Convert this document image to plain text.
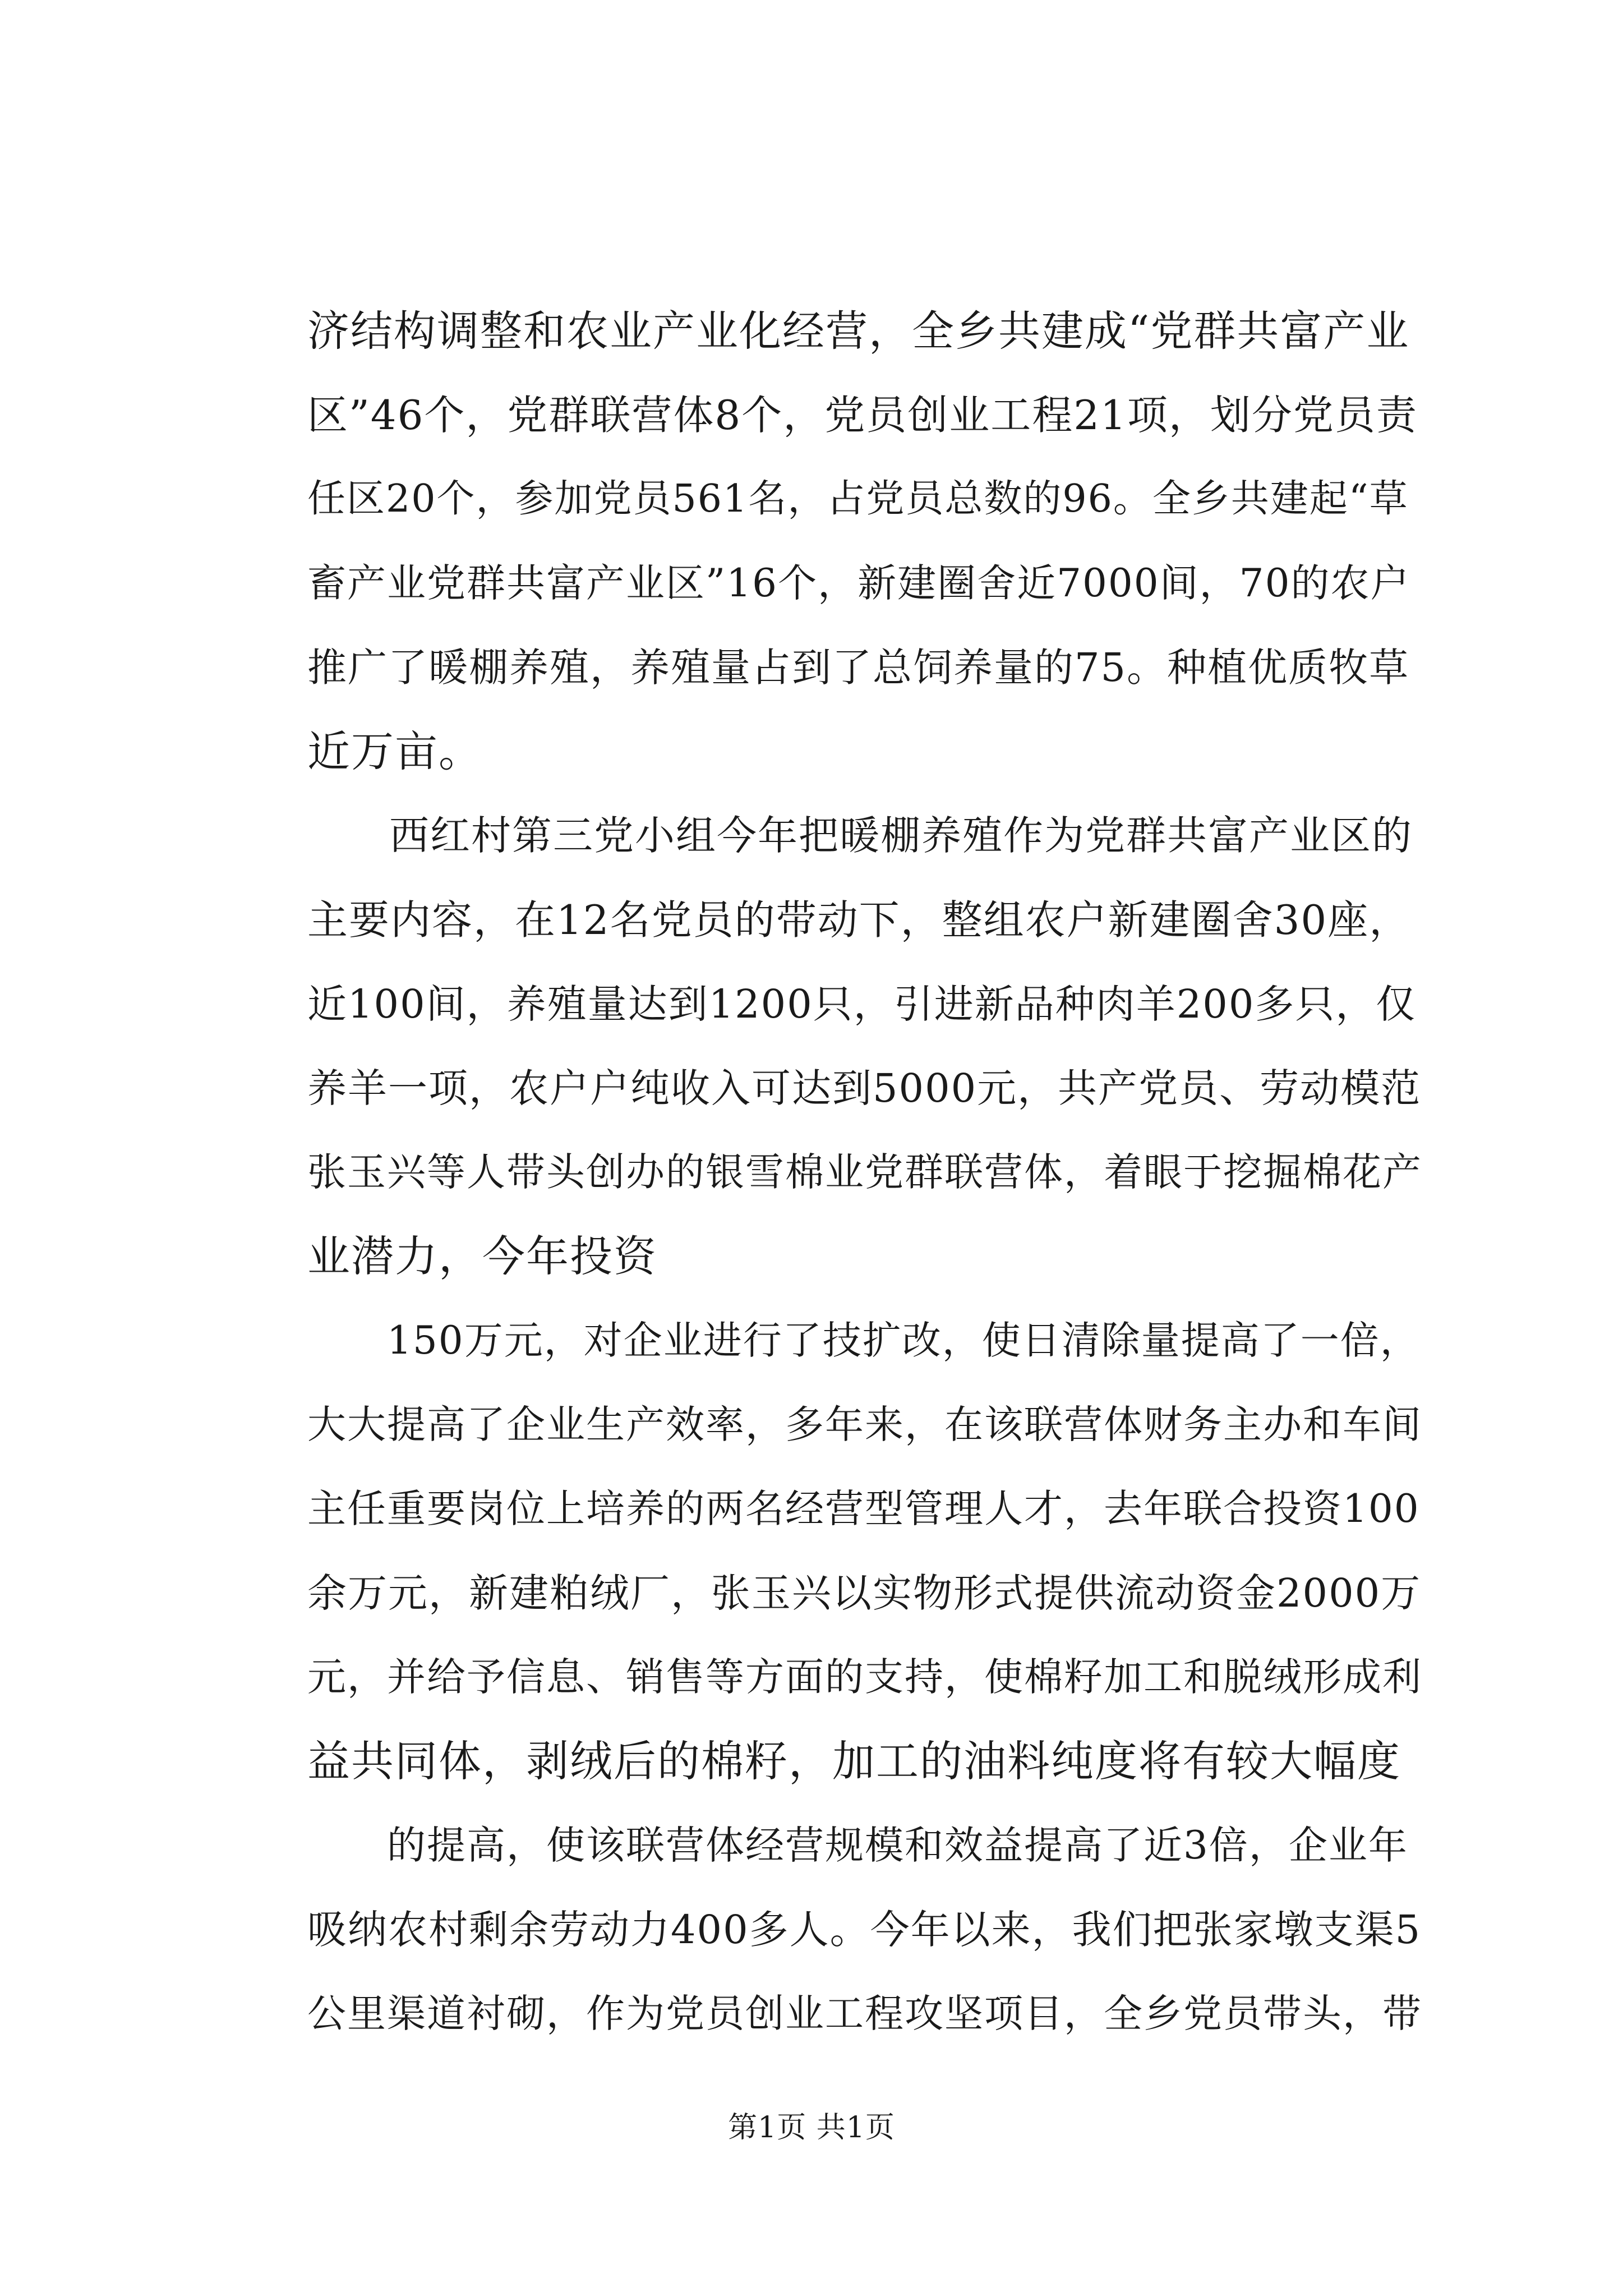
济结构调整和农业产业化经营，全乡共建成“党群共富产业
区”46个，党群联营体8个，党员创业工程21项，划分党员责
任区20个，参加党员561名，占党员总数的96。全乡共建起“草
畜产业党群共富产业区”16个，新建圈舍近7000间，70的农户
推广了暖棚养殖，养殖量占到了总饲养量的75。种植优质牧草
近万亩。
　　西红村第三党小组今年把暖棚养殖作为党群共富产业区的
主要内容，在12名党员的带动下，整组农户新建圈舍30座，
近100间，养殖量达到1200只，引进新品种肉羊200多只，仅
养羊一项，农户户纯收入可达到5000元，共产党员、劳动模范
张玉兴等人带头创办的银雪棉业党群联营体，着眼于挖掘棉花产
业潜力，今年投资
　　150万元，对企业进行了技扩改，使日清除量提高了一倍，
大大提高了企业生产效率，多年来，在该联营体财务主办和车间
主任重要岗位上培养的两名经营型管理人才，去年联合投资100
余万元，新建粕绒厂，张玉兴以实物形式提供流动资金2000万
元，并给予信息、销售等方面的支持，使棉籽加工和脱绒形成利
益共同体，剥绒后的棉籽，加工的油料纯度将有较大幅度
　　的提高，使该联营体经营规模和效益提高了近3倍，企业年
吸纳农村剩余劳动力400多人。今年以来，我们把张家墩支渠5
公里渠道衬砌，作为党员创业工程攻坚项目，全乡党员带头，带
第1页 共1页
